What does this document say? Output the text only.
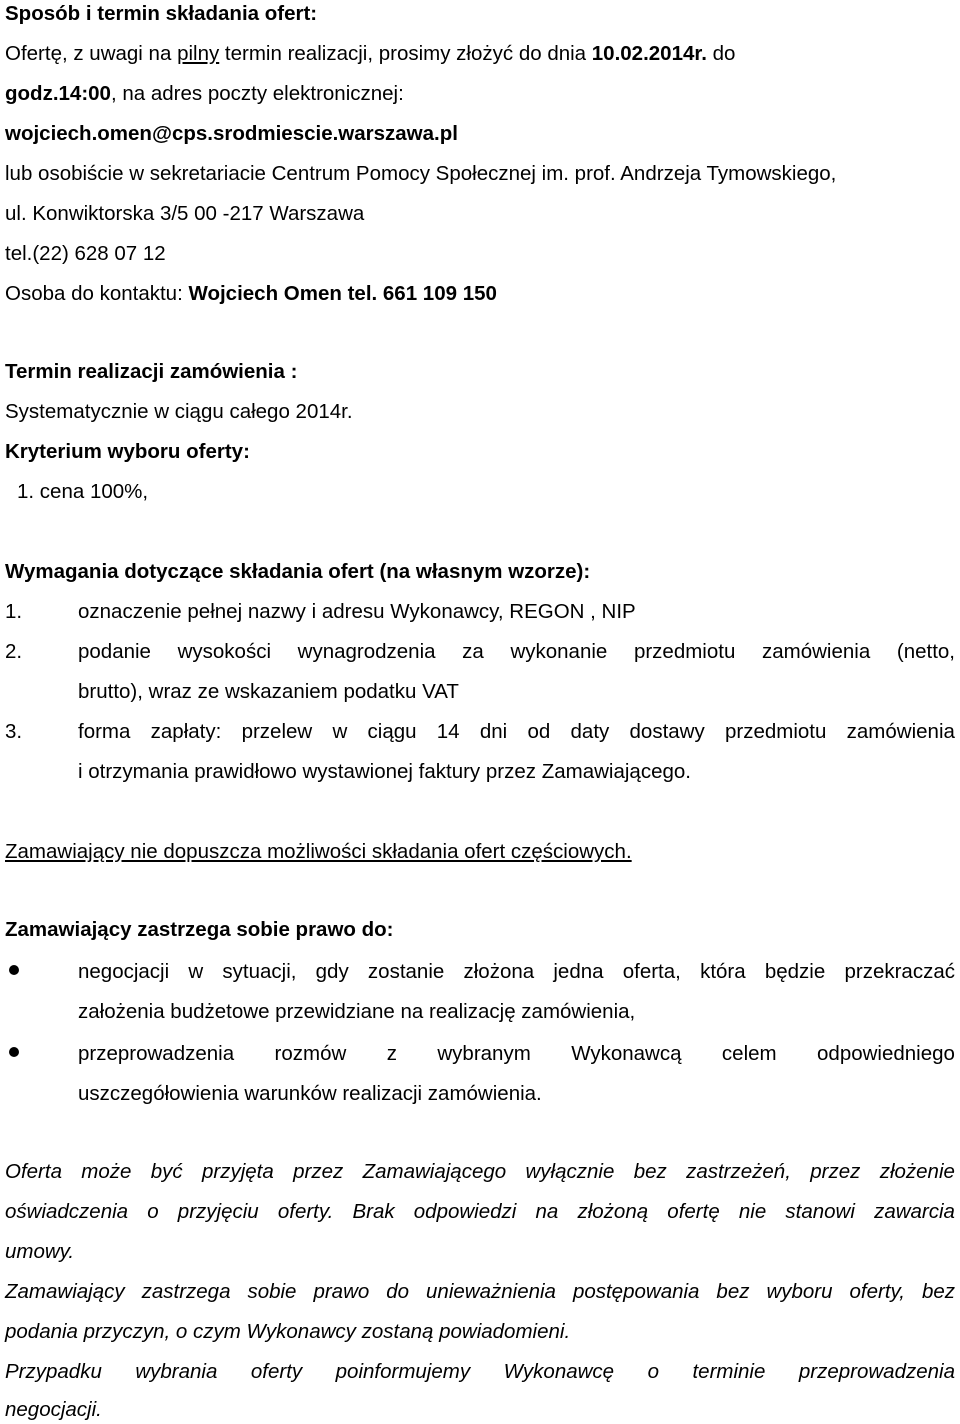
Sposób i termin składania ofert:
Ofertę, z uwagi na pilny termin realizacji, prosimy złożyć do dnia 10.02.2014r. do
godz.14:00, na adres poczty elektronicznej:
wojciech.omen@cps.srodmiescie.warszawa.pl
lub osobiście w sekretariacie Centrum Pomocy Społecznej im. prof. Andrzeja Tymowskiego,
ul. Konwiktorska 3/5 00 -217 Warszawa
tel.(22) 628 07 12
Osoba do kontaktu: Wojciech Omen tel. 661 109 150
Termin realizacji zamówienia :
Systematycznie w ciągu całego 2014r.
Kryterium wyboru oferty:
1. cena 100%,
Wymagania dotyczące składania ofert (na własnym wzorze):
1.	oznaczenie pełnej nazwy i adresu Wykonawcy, REGON , NIP
2.	podanie wysokości wynagrodzenia za wykonanie przedmiotu zamówienia (netto,
brutto), wraz ze wskazaniem podatku VAT
3.	forma zapłaty: przelew w ciągu 14 dni od daty dostawy przedmiotu zamówienia
i otrzymania prawidłowo wystawionej faktury przez Zamawiającego.
Zamawiający nie dopuszcza możliwości składania ofert częściowych.
Zamawiający zastrzega sobie prawo do:
negocjacji w sytuacji, gdy zostanie złożona jedna oferta, która będzie przekraczać
założenia budżetowe przewidziane na realizację zamówienia,
przeprowadzenia rozmów z wybranym Wykonawcą celem odpowiedniego
uszczegółowienia warunków realizacji zamówienia.
Oferta może być przyjęta przez Zamawiającego wyłącznie bez zastrzeżeń, przez złożenie
oświadczenia o przyjęciu oferty. Brak odpowiedzi na złożoną ofertę nie stanowi zawarcia
umowy.
Zamawiający zastrzega sobie prawo do unieważnienia postępowania bez wyboru oferty, bez
podania przyczyn, o czym Wykonawcy zostaną powiadomieni.
Przypadku wybrania oferty poinformujemy Wykonawcę o terminie przeprowadzenia
negocjacji.
